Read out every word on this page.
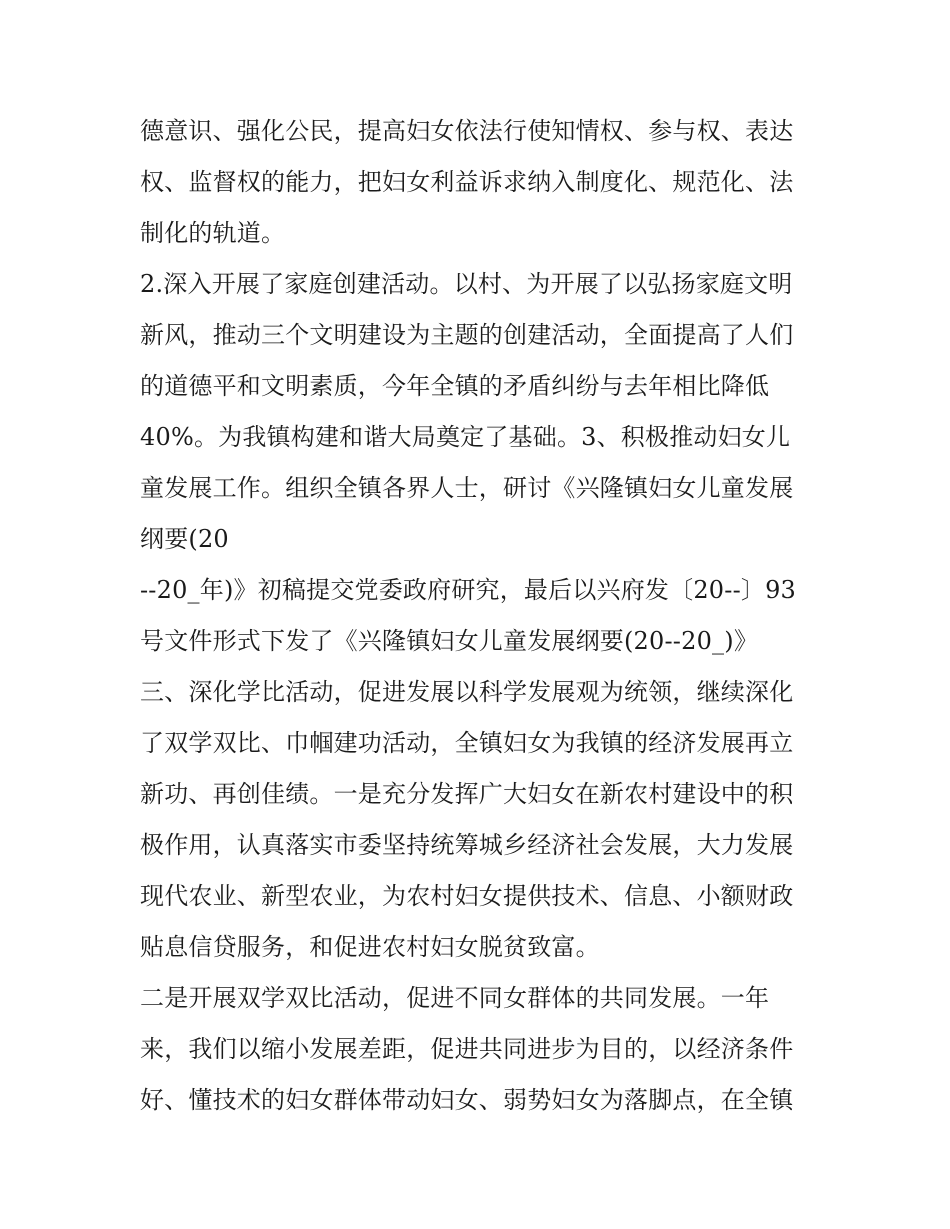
德意识、强化公民，提高妇女依法行使知情权、参与权、表达
权、监督权的能力，把妇女利益诉求纳入制度化、规范化、法
制化的轨道。
2.深入开展了家庭创建活动。以村、为开展了以弘扬家庭文明
新风，推动三个文明建设为主题的创建活动，全面提高了人们
的道德平和文明素质，今年全镇的矛盾纠纷与去年相比降低
40%。为我镇构建和谐大局奠定了基础。3、积极推动妇女儿
童发展工作。组织全镇各界人士，研讨《兴隆镇妇女儿童发展
纲要(20
--20_年)》初稿提交党委政府研究，最后以兴府发〔20--〕93
号文件形式下发了《兴隆镇妇女儿童发展纲要(20--20_)》
三、深化学比活动，促进发展以科学发展观为统领，继续深化
了双学双比、巾帼建功活动，全镇妇女为我镇的经济发展再立
新功、再创佳绩。一是充分发挥广大妇女在新农村建设中的积
极作用，认真落实市委坚持统筹城乡经济社会发展，大力发展
现代农业、新型农业，为农村妇女提供技术、信息、小额财政
贴息信贷服务，和促进农村妇女脱贫致富。
二是开展双学双比活动，促进不同女群体的共同发展。一年
来，我们以缩小发展差距，促进共同进步为目的，以经济条件
好、懂技术的妇女群体带动妇女、弱势妇女为落脚点，在全镇
